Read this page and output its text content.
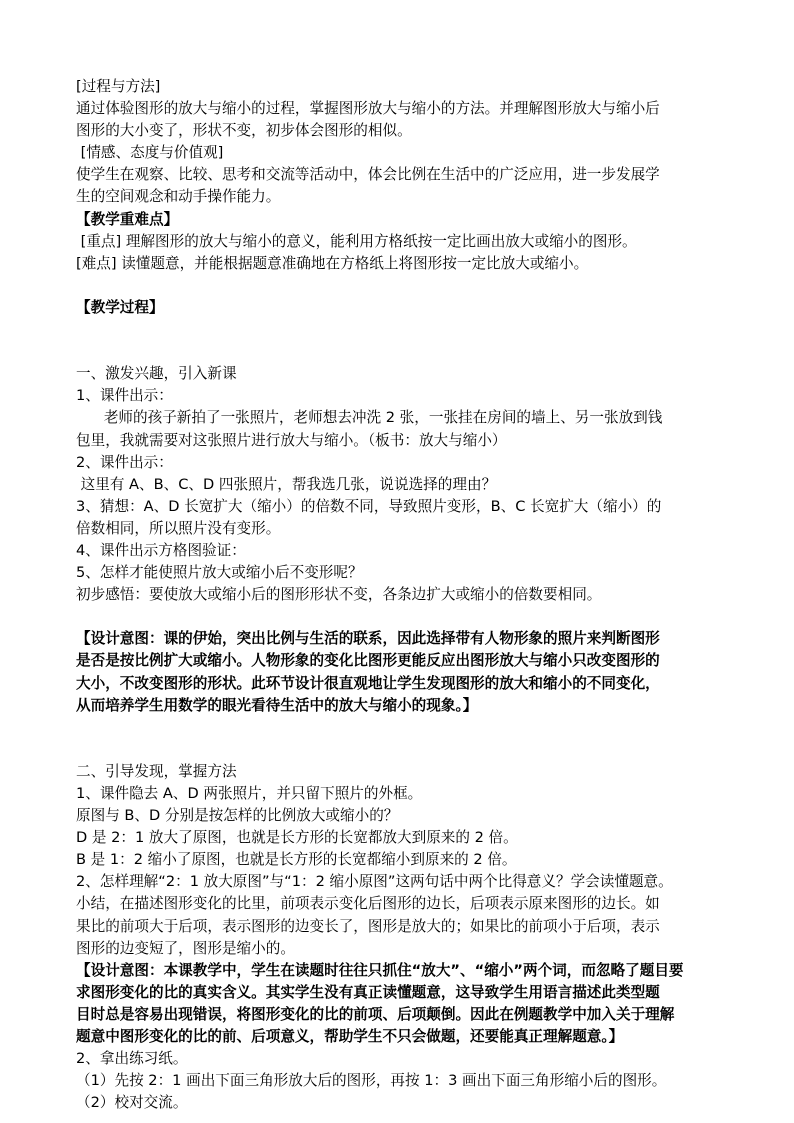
[过程与方法]
通过体验图形的放大与缩小的过程，掌握图形放大与缩小的方法。并理解图形放大与缩小后
图形的大小变了，形状不变，初步体会图形的相似。
[情感、态度与价值观]
使学生在观察、比较、思考和交流等活动中，体会比例在生活中的广泛应用，进一步发展学
生的空间观念和动手操作能力。
【教学重难点】
[重点] 理解图形的放大与缩小的意义，能利用方格纸按一定比画出放大或缩小的图形。
[难点] 读懂题意，并能根据题意准确地在方格纸上将图形按一定比放大或缩小。
【教学过程】
一、激发兴趣，引入新课
1、课件出示：
老师的孩子新拍了一张照片，老师想去冲洗 2 张，一张挂在房间的墙上、另一张放到钱
包里，我就需要对这张照片进行放大与缩小。（板书：放大与缩小）
2、课件出示：
这里有 A、B、C、D 四张照片，帮我选几张，说说选择的理由？
3、猜想：A、D 长宽扩大（缩小）的倍数不同，导致照片变形，B、C 长宽扩大（缩小）的
倍数相同，所以照片没有变形。
4、课件出示方格图验证：
5、怎样才能使照片放大或缩小后不变形呢？
初步感悟：要使放大或缩小后的图形形状不变，各条边扩大或缩小的倍数要相同。
【设计意图：课的伊始，突出比例与生活的联系，因此选择带有人物形象的照片来判断图形
是否是按比例扩大或缩小。人物形象的变化比图形更能反应出图形放大与缩小只改变图形的
大小，不改变图形的形状。此环节设计很直观地让学生发现图形的放大和缩小的不同变化，
从而培养学生用数学的眼光看待生活中的放大与缩小的现象。】
二、引导发现，掌握方法
1、课件隐去 A、D 两张照片，并只留下照片的外框。
原图与 B、D 分别是按怎样的比例放大或缩小的？
D 是 2：1 放大了原图，也就是长方形的长宽都放大到原来的 2 倍。
B 是 1：2 缩小了原图，也就是长方形的长宽都缩小到原来的 2 倍。
2、怎样理解“2：1 放大原图”与“1：2 缩小原图”这两句话中两个比得意义？学会读懂题意。
小结，在描述图形变化的比里，前项表示变化后图形的边长，后项表示原来图形的边长。如
果比的前项大于后项，表示图形的边变长了，图形是放大的；如果比的前项小于后项，表示
图形的边变短了，图形是缩小的。
【设计意图：本课教学中，学生在读题时往往只抓住“放大”、“缩小”两个词，而忽略了题目要
求图形变化的比的真实含义。其实学生没有真正读懂题意，这导致学生用语言描述此类型题
目时总是容易出现错误，将图形变化的比的前项、后项颠倒。因此在例题教学中加入关于理解
题意中图形变化的比的前、后项意义，帮助学生不只会做题，还要能真正理解题意。】
2、拿出练习纸。
（1）先按 2：1 画出下面三角形放大后的图形，再按 1：3 画出下面三角形缩小后的图形。
（2）校对交流。
